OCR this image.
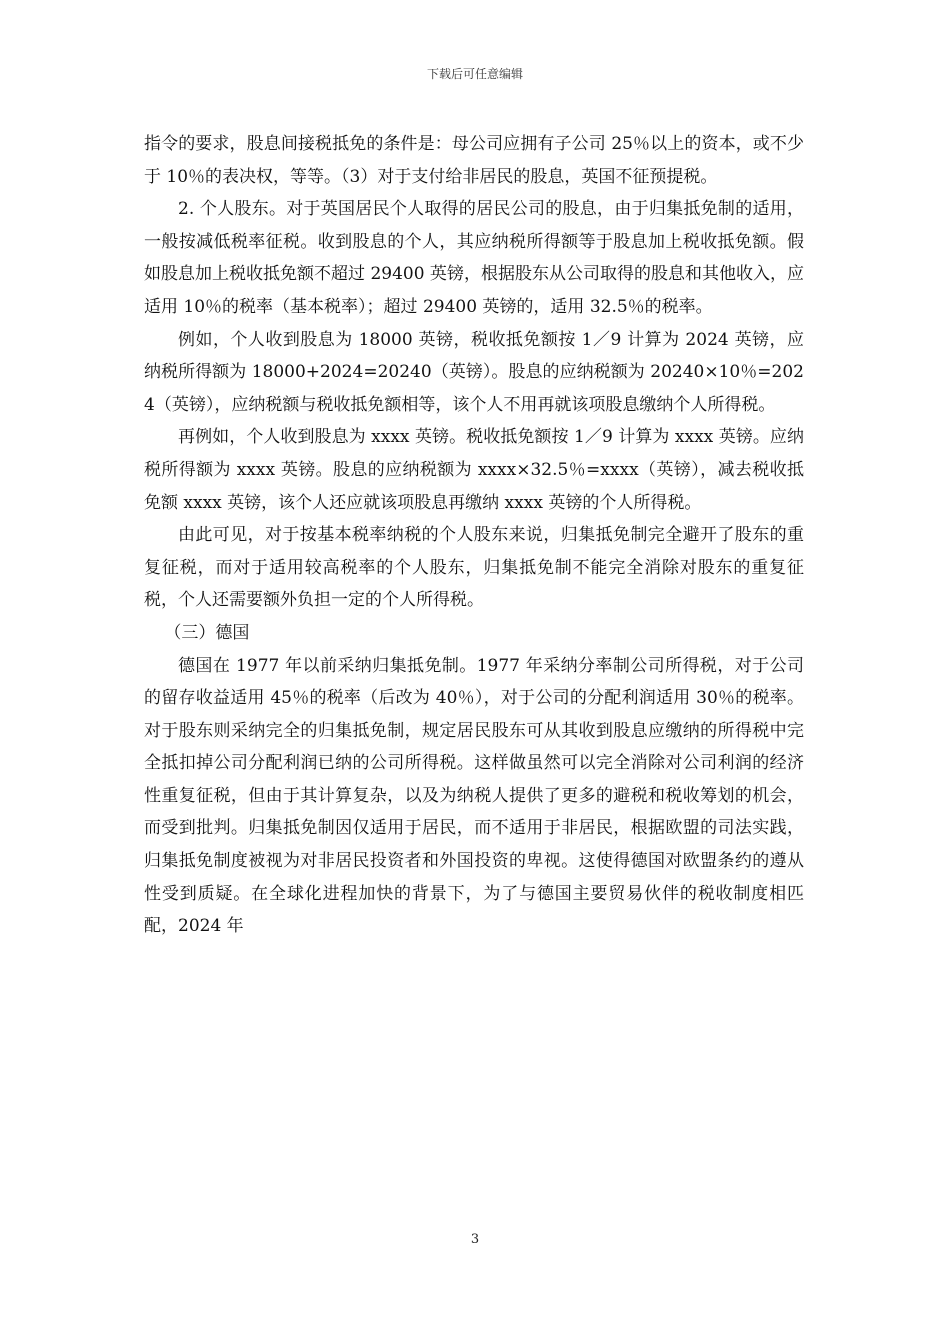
下载后可任意编辑

指令的要求，股息间接税抵免的条件是：母公司应拥有子公司 25％以上的资本，或不少于 10％的表决权，等等。（3）对于支付给非居民的股息，英国不征预提税。

2. 个人股东。对于英国居民个人取得的居民公司的股息，由于归集抵免制的适用，一般按减低税率征税。收到股息的个人，其应纳税所得额等于股息加上税收抵免额。假如股息加上税收抵免额不超过 29400 英镑，根据股东从公司取得的股息和其他收入，应适用 10％的税率（基本税率）；超过 29400 英镑的，适用 32.5％的税率。

例如，个人收到股息为 18000 英镑，税收抵免额按 1／9 计算为 2024 英镑，应纳税所得额为 18000+2024=20240（英镑）。股息的应纳税额为 20240×10％=2024（英镑），应纳税额与税收抵免额相等，该个人不用再就该项股息缴纳个人所得税。

再例如，个人收到股息为 xxxx 英镑。税收抵免额按 1／9 计算为 xxxx 英镑。应纳税所得额为 xxxx 英镑。股息的应纳税额为 xxxx×32.5％=xxxx（英镑），减去税收抵免额 xxxx 英镑，该个人还应就该项股息再缴纳 xxxx 英镑的个人所得税。

由此可见，对于按基本税率纳税的个人股东来说，归集抵免制完全避开了股东的重复征税，而对于适用较高税率的个人股东，归集抵免制不能完全消除对股东的重复征税，个人还需要额外负担一定的个人所得税。

（三）德国

德国在 1977 年以前采纳归集抵免制。1977 年采纳分率制公司所得税，对于公司的留存收益适用 45％的税率（后改为 40％），对于公司的分配利润适用 30％的税率。对于股东则采纳完全的归集抵免制，规定居民股东可从其收到股息应缴纳的所得税中完全抵扣掉公司分配利润已纳的公司所得税。这样做虽然可以完全消除对公司利润的经济性重复征税，但由于其计算复杂，以及为纳税人提供了更多的避税和税收筹划的机会，而受到批判。归集抵免制因仅适用于居民，而不适用于非居民，根据欧盟的司法实践，归集抵免制度被视为对非居民投资者和外国投资的卑视。这使得德国对欧盟条约的遵从性受到质疑。在全球化进程加快的背景下，为了与德国主要贸易伙伴的税收制度相匹配，2024 年

3
